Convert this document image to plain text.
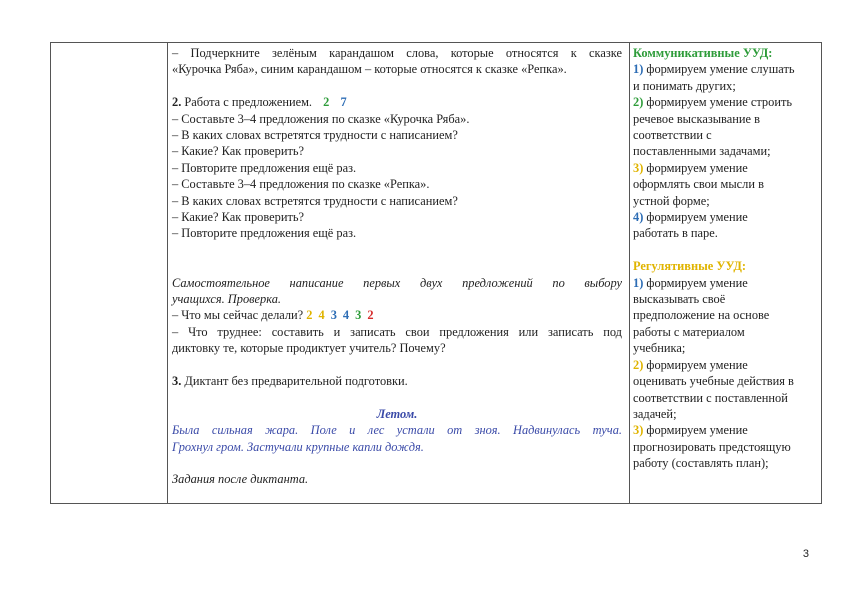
– Подчеркните зелёным карандашом слова, которые относятся к сказке

«Курочка Ряба», синим карандашом – которые относятся к сказке «Репка».

2. Работа с предложением. 2 7

– Составьте 3–4 предложения по сказке «Курочка Ряба».

– В каких словах встретятся трудности с написанием?

– Какие? Как проверить?

– Повторите предложения ещё раз.

– Составьте 3–4 предложения по сказке «Репка».

– В каких словах встретятся трудности с написанием?

– Какие? Как проверить?

– Повторите предложения ещё раз.

Самостоятельное написание первых двух предложений по выбору

учащихся. Проверка.

– Что мы сейчас делали? 2 4 3 4 3 2

– Что труднее: составить и записать свои предложения или записать под

диктовку те, которые продиктует учитель? Почему?

3. Диктант без предварительной подготовки.

Летом.

Была сильная жара. Поле и лес устали от зноя. Надвинулась туча.

Грохнул гром. Застучали крупные капли дождя.

Задания после диктанта.

Коммуникативные УУД:

1) формируем умение слушать

и понимать других;

2) формируем умение строить

речевое высказывание в

соответствии с

поставленными задачами;

3) формируем умение

оформлять свои мысли в

устной форме;

4) формируем умение

работать в паре.

Регулятивные УУД:

1) формируем умение

высказывать своё

предположение на основе

работы с материалом

учебника;

2) формируем умение

оценивать учебные действия в

соответствии с поставленной

задачей;

3) формируем умение

прогнозировать предстоящую

работу (составлять план);

3
